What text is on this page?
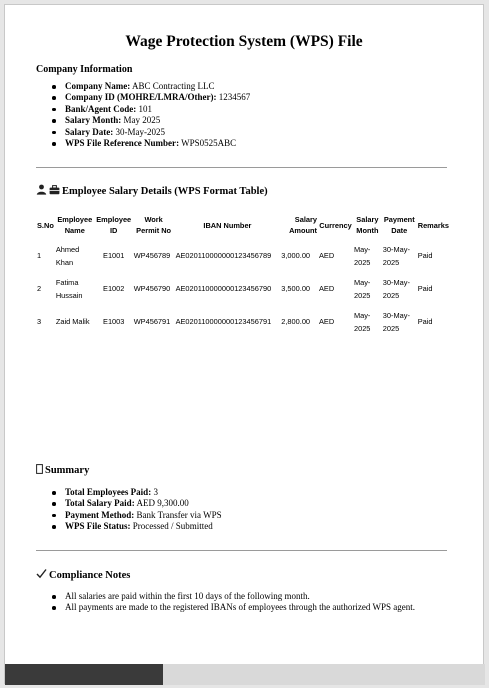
Wage Protection System (WPS) File
Company Information
Company Name: ABC Contracting LLC
Company ID (MOHRE/LMRA/Other): 1234567
Bank/Agent Code: 101
Salary Month: May 2025
Salary Date: 30-May-2025
WPS File Reference Number: WPS0525ABC
Employee Salary Details (WPS Format Table)
S.No	Employee Name	Employee ID	Work Permit No	IBAN Number	Salary Amount	Currency	Salary Month	Payment Date	Remarks
1	Ahmed Khan	E1001	WP456789	AE020110000000123456789	3,000.00	AED	May-2025	30-May-2025	Paid
2	Fatima Hussain	E1002	WP456790	AE020110000000123456790	3,500.00	AED	May-2025	30-May-2025	Paid
3	Zaid Malik	E1003	WP456791	AE020110000000123456791	2,800.00	AED	May-2025	30-May-2025	Paid
Summary
Total Employees Paid: 3
Total Salary Paid: AED 9,300.00
Payment Method: Bank Transfer via WPS
WPS File Status: Processed / Submitted
Compliance Notes
All salaries are paid within the first 10 days of the following month.
All payments are made to the registered IBANs of employees through the authorized WPS agent.
